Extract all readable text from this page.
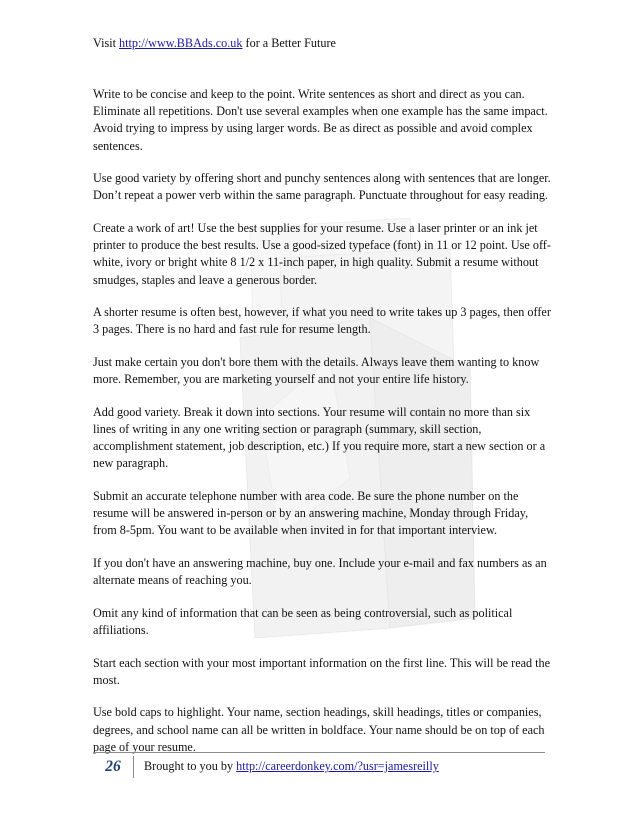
Visit http://www.BBAds.co.uk for a Better Future

Write to be concise and keep to the point. Write sentences as short and direct as you can. Eliminate all repetitions. Don't use several examples when one example has the same impact. Avoid trying to impress by using larger words. Be as direct as possible and avoid complex sentences.

Use good variety by offering short and punchy sentences along with sentences that are longer. Don’t repeat a power verb within the same paragraph. Punctuate throughout for easy reading.

Create a work of art! Use the best supplies for your resume. Use a laser printer or an ink jet printer to produce the best results. Use a good-sized typeface (font) in 11 or 12 point. Use off-white, ivory or bright white 8 1/2 x 11-inch paper, in high quality. Submit a resume without smudges, staples and leave a generous border.

A shorter resume is often best, however, if what you need to write takes up 3 pages, then offer 3 pages. There is no hard and fast rule for resume length.

Just make certain you don't bore them with the details. Always leave them wanting to know more. Remember, you are marketing yourself and not your entire life history.

Add good variety. Break it down into sections. Your resume will contain no more than six lines of writing in any one writing section or paragraph (summary, skill section, accomplishment statement, job description, etc.) If you require more, start a new section or a new paragraph.

Submit an accurate telephone number with area code. Be sure the phone number on the resume will be answered in-person or by an answering machine, Monday through Friday, from 8-5pm. You want to be available when invited in for that important interview.

If you don't have an answering machine, buy one. Include your e-mail and fax numbers as an alternate means of reaching you.

Omit any kind of information that can be seen as being controversial, such as political affiliations.

Start each section with your most important information on the first line. This will be read the most.

Use bold caps to highlight. Your name, section headings, skill headings, titles or companies, degrees, and school name can all be written in boldface. Your name should be on top of each page of your resume.

26	Brought to you by http://careerdonkey.com/?usr=jamesreilly
